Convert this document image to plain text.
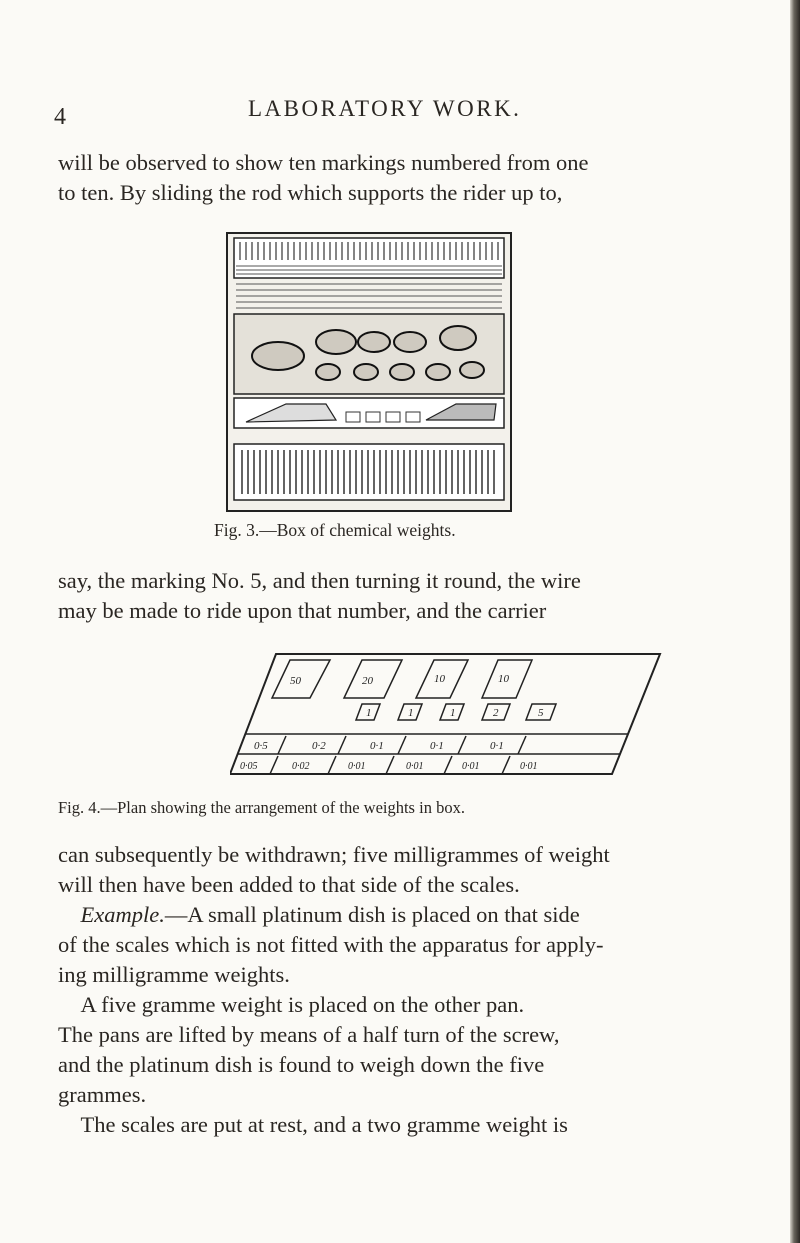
4	LABORATORY WORK.
will be observed to show ten markings numbered from one
to ten. By sliding the rod which supports the rider up to,
Fig. 3.—Box of chemical weights.
say, the marking No. 5, and then turning it round, the wire
may be made to ride upon that number, and the carrier
50	20	10	10
1	1	1	2	5
0·5	0·2	0·1	0·1	0·1
0·05	0·02	0·01	0·01	0·01	0·01
Fig. 4.—Plan showing the arrangement of the weights in box.
can subsequently be withdrawn; five milligrammes of weight
will then have been added to that side of the scales.
 Example.—A small platinum dish is placed on that side
of the scales which is not fitted with the apparatus for apply-
ing milligramme weights.
 A five gramme weight is placed on the other pan.
The pans are lifted by means of a half turn of the screw,
and the platinum dish is found to weigh down the five
grammes.
 The scales are put at rest, and a two gramme weight is
